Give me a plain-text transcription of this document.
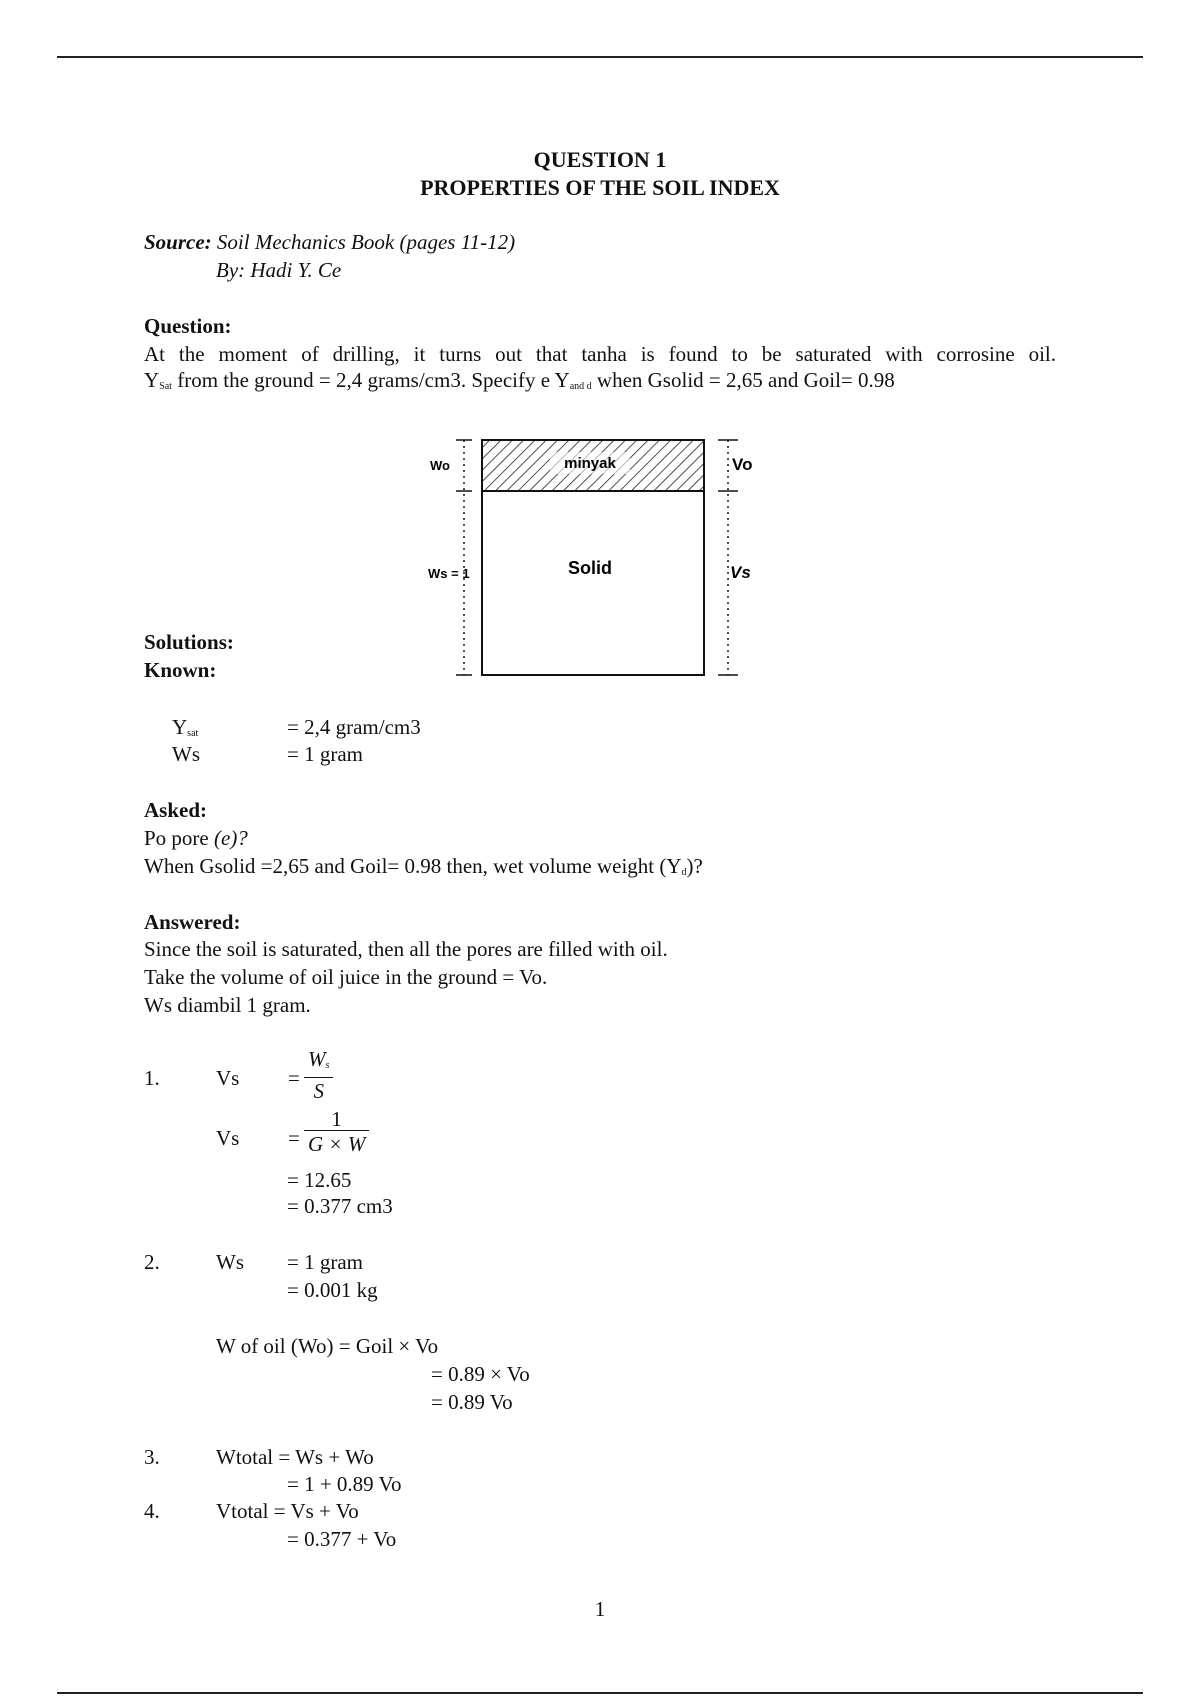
QUESTION 1
PROPERTIES OF THE SOIL INDEX
Source: Soil Mechanics Book (pages 11-12)
By: Hadi Y. Ce
Question:
At the moment of drilling, it turns out that tanha is found to be saturated with corrosine oil.
$Y_{Sat}$ from the ground = 2,4 grams/cm3. Specify e $Y_{and d}$ when Gsolid = 2,65 and Goil= 0.98
minyak
Solid
Wo
Ws = 1
Vo
Vs
Solutions:
Known:
$Y_{sat}$	= 2,4 gram/cm3
Ws	= 1 gram
Asked:
Po pore (e)?
When Gsolid =2,65 and Goil= 0.98 then, wet volume weight $(Y_d)$?
Answered:
Since the soil is saturated, then all the pores are filled with oil.
Take the volume of oil juice in the ground = Vo.
Ws diambil 1 gram.
1.	$Vs = \frac{W_s}{S}$
$Vs = \frac{1}{G \times W}$
= 12.65
= 0.377 cm3
2.	Ws = 1 gram
= 0.001 kg
W of oil (Wo) = Goil × Vo
= 0.89 × Vo
= 0.89 Vo
3.	Wtotal = Ws + Wo
= 1 + 0.89 Vo
4.	Vtotal = Vs + Vo
= 0.377 + Vo
1
